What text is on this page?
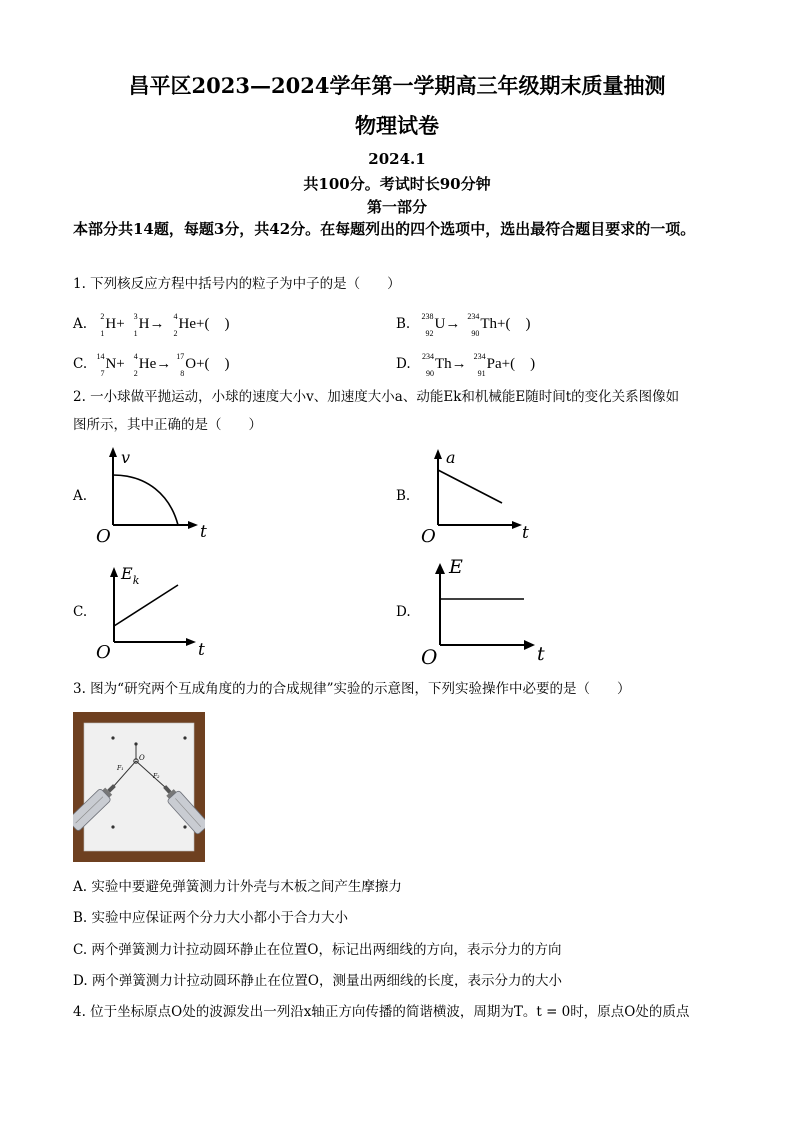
昌平区2023—2024学年第一学期高三年级期末质量抽测
物理试卷
2024.1
共100分。考试时长90分钟
第一部分
本部分共14题，每题3分，共42分。在每题列出的四个选项中，选出最符合题目要求的一项。
1. 下列核反应方程中括号内的粒子为中子的是（　　）
A. 2
1
H+ 3
1
H→ 4
2
He+(　)	B. 238
92
U→ 234
90
Th+(　)
C. 14
7
N+ 4
2
He→ 17
8
O+(　)	D. 234
90
Th→ 234
91
Pa+(　)
2. 一小球做平抛运动，小球的速度大小v、加速度大小a、动能Ek和机械能E随时间t的变化关系图像如
图所示，其中正确的是（　　）
A.
v
t
O
B.
a
t
O
C.
$E_k$
t
O
D.
E
t
O
3. 图为“研究两个互成角度的力的合成规律”实验的示意图，下列实验操作中必要的是（　　）
O
F₁
F₂
A. 实验中要避免弹簧测力计外壳与木板之间产生摩擦力
B. 实验中应保证两个分力大小都小于合力大小
C. 两个弹簧测力计拉动圆环静止在位置O，标记出两细线的方向，表示分力的方向
D. 两个弹簧测力计拉动圆环静止在位置O，测量出两细线的长度，表示分力的大小
4. 位于坐标原点O处的波源发出一列沿x轴正方向传播的简谐横波，周期为T。t = 0时，原点O处的质点
